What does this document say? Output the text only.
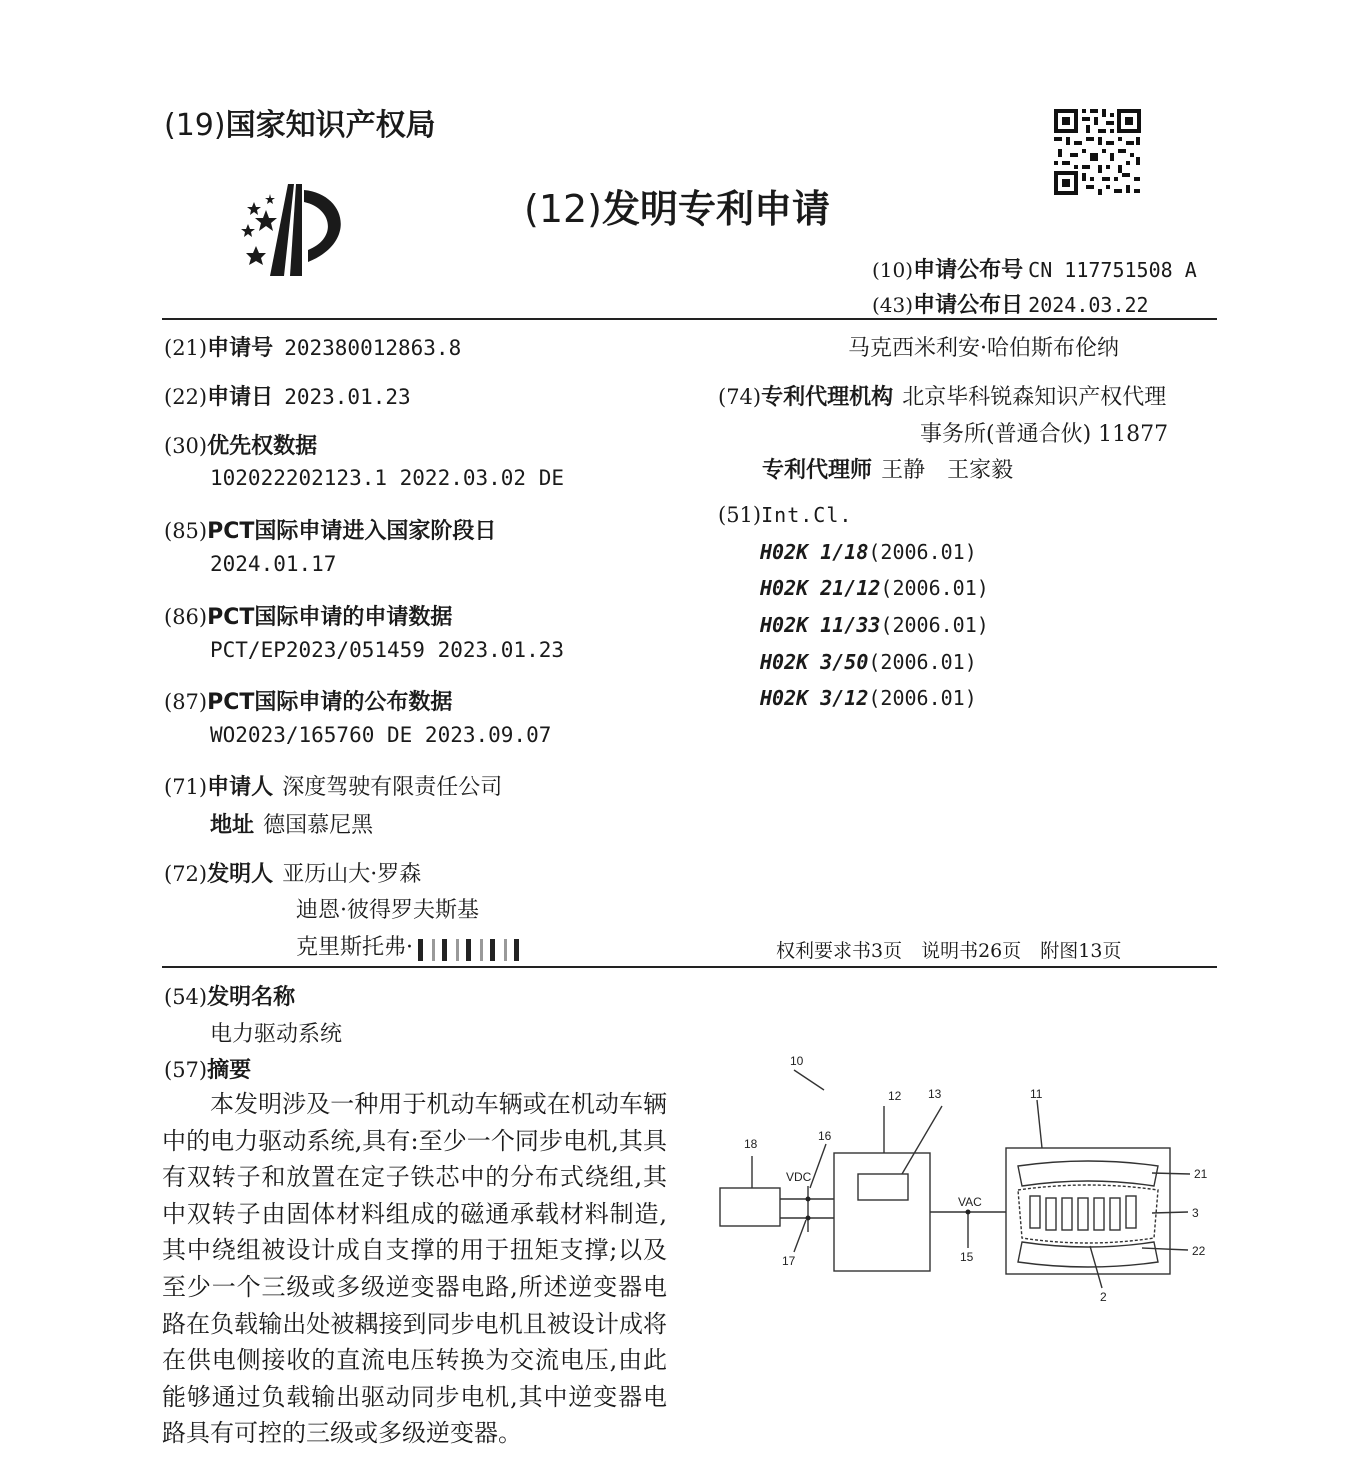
(19)国家知识产权局
(12)发明专利申请
(10)申请公布号 CN 117751508 A
(43)申请公布日 2024.03.22
(21)申请号 202380012863.8
(22)申请日 2023.01.23
(30)优先权数据
102022202123.1 2022.03.02 DE
(85)PCT国际申请进入国家阶段日
2024.01.17
(86)PCT国际申请的申请数据
PCT/EP2023/051459 2023.01.23
(87)PCT国际申请的公布数据
WO2023/165760 DE 2023.09.07
(71)申请人 深度驾驶有限责任公司
地址 德国慕尼黑
(72)发明人 亚历山大·罗森
迪恩·彼得罗夫斯基
克里斯托弗·
马克西米利安·哈伯斯布伦纳
(74)专利代理机构 北京毕科锐森知识产权代理
事务所(普通合伙) 11877
专利代理师 王静　王家毅
(51)Int.Cl.
H02K 1/18(2006.01)
H02K 21/12(2006.01)
H02K 11/33(2006.01)
H02K 3/50(2006.01)
H02K 3/12(2006.01)
权利要求书3页　说明书26页　附图13页
(54)发明名称
电力驱动系统
(57)摘要

本发明涉及一种用于机动车辆或在机动车辆中的电力驱动系统,具有:至少一个同步电机,其具有双转子和放置在定子铁芯中的分布式绕组,其中双转子由固体材料组成的磁通承载材料制造,其中绕组被设计成自支撑的用于扭矩支撑;以及至少一个三级或多级逆变器电路,所述逆变器电路在负载输出处被耦接到同步电机且被设计成将在供电侧接收的直流电压转换为交流电压,由此能够通过负载输出驱动同步电机,其中逆变器电路具有可控的三级或多级逆变器。

10
11
12 13
16
17
18
15
21
3
22
2
VDC
VAC
